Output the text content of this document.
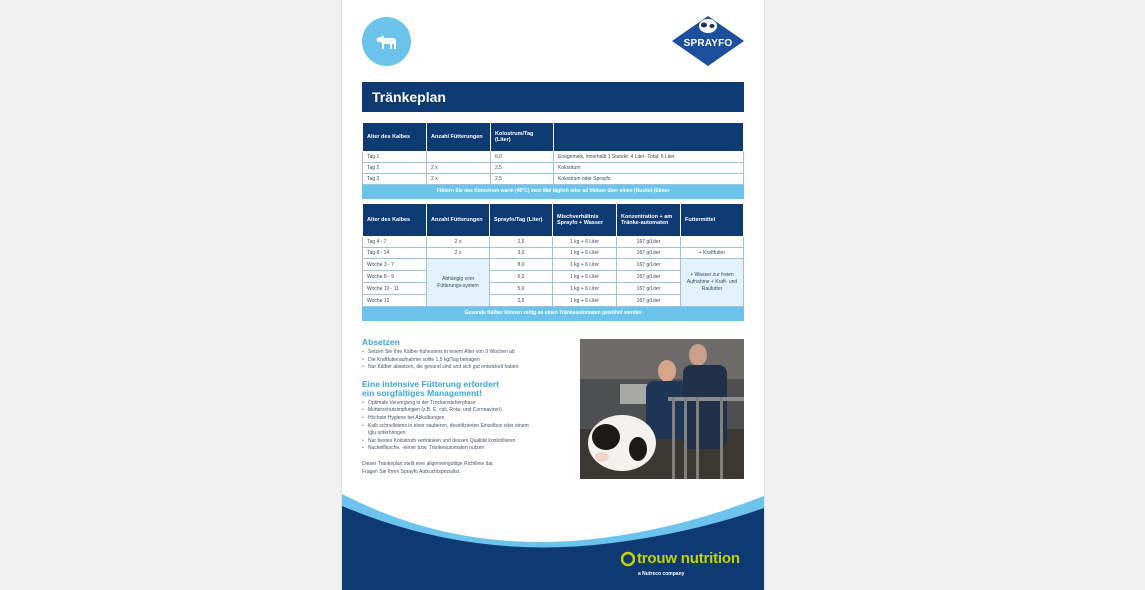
SPRAYFO
Tränkeplan
Alter des Kalbes	Anzahl Fütterungen	Kolostrum/Tag (Liter)	
Tag 1		6,0	Erstgemelk, innerhalb 1 Stunde: 4 Liter- Total: 6 Liter
Tag 2	2 x	2,5	Kolostrum
Tag 3	2 x	2,5	Kolostrum oder Sprayfo
Füttern Sie das Kolostrum warm (40°C) zwei Mal täglich oder ad libitum über einen (Nuckel-)Eimer			
Alter des Kalbes	Anzahl Fütterungen	Sprayfo/Tag (Liter)	Mischverhältnis Sprayfo + Wasser	Konzentration + am Tränke-automaten	Futtermittel
Tag 4 - 7	2 x	2,5	1 kg + 6 Liter	167 g/Liter	
Tag 8 - 14	2 x	3,0	1 kg + 6 Liter	167 g/Liter	+ Kraftfutter
Woche 3 - 7	Abhängig vom Fütterungs-system	8,0	1 kg + 6 Liter	167 g/Liter	+ Wasser zur freien Aufnahme + Kraft- und Raufutter
Woche 8 - 9		6,0	1 kg + 6 Liter	167 g/Liter	
Woche 10 - 11		5,0	1 kg + 6 Liter	167 g/Liter	
Woche 12		2,5	1 kg + 6 Liter	167 g/Liter	
Gesunde Kälber können zeitig an einen Tränkeautomaten gewöhnt werden					
Absetzen
• Setzen Sie Ihre Kälber frühestens in einem Alter von 9 Wochen ab
• Die Kraftfutteraufnahme sollte 1,5 kg/Tag betragen
• Nur Kälber absetzen, die gesund sind und sich gut entwickelt haben
Eine intensive Fütterung erfordert
ein sorgfältiges Management!
• Optimale Versorgung in der Trockensteherphase
• Mutterschutzimpfungen (z.B. E. coli, Rota- und Coronaviren)
• Höchste Hygiene bei Abkalbungen
• Kalb schnellstens in einer sauberen, desinfizierten Einzelbox oder einem Iglu unterbringen
• Nur bestes Kolostrum vertränken und dessen Qualität kontrollieren
• Nuckelflasche, -eimer bzw. Tränkeautomaten nutzen
Dieser Tränkeplan stellt eine allgemeingültige Richtlinie dar.
Fragen Sie Ihren Sprayfo Aufzuchtspezialist.
trouw nutrition
a Nutreco company
